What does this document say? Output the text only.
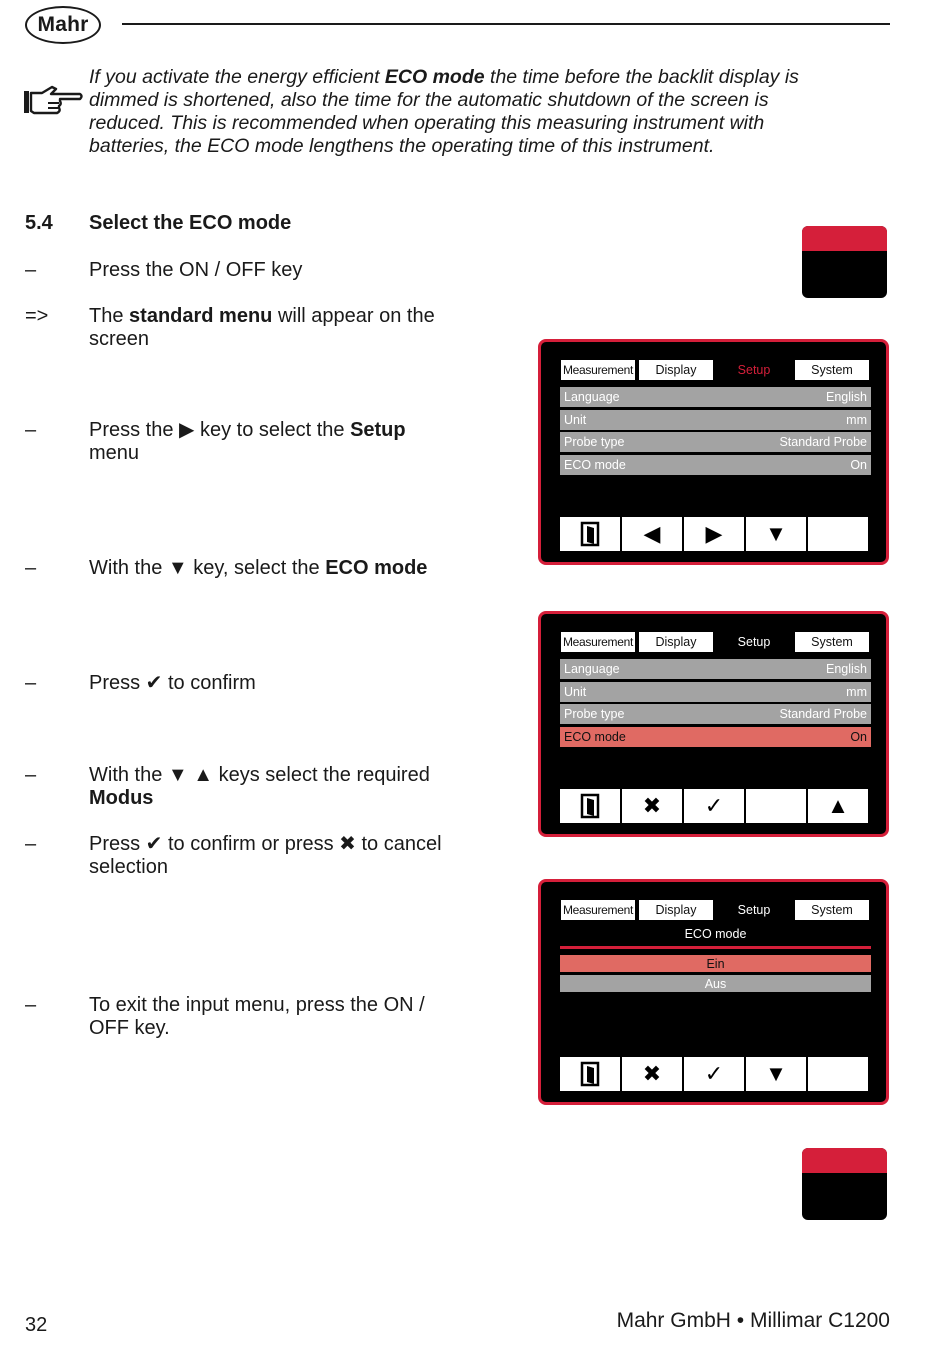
Mahr
If you activate the energy efficient ECO mode the time before the backlit display is dimmed is shortened, also the time for the automatic shutdown of the screen is reduced. This is recommended when operating this measuring instrument with batteries, the ECO mode lengthens the operating time of this instrument.
5.4 Select the ECO mode
–	Press the ON / OFF key
=> The standard menu will appear on the screen
–	Press the ▶ key to select the Setup menu
–	With the ▼ key, select the ECO mode
–	Press ✔ to confirm
–	With the ▼ ▲ keys select the required Modus
–	Press ✔ to confirm or press ✖ to cancel selection
–	To exit the input menu, press the ON / OFF key.
Measurement	Display	Setup	System
Language	English
Unit	mm
Probe type	Standard Probe
ECO mode	On
◀	▶	▼
Measurement	Display	Setup	System
Language	English
Unit	mm
Probe type	Standard Probe
ECO mode	On
✖	✓	▲
Measurement	Display	Setup	System
ECO mode
Ein
Aus
✖	✓	▼
32	Mahr GmbH • Millimar C1200
